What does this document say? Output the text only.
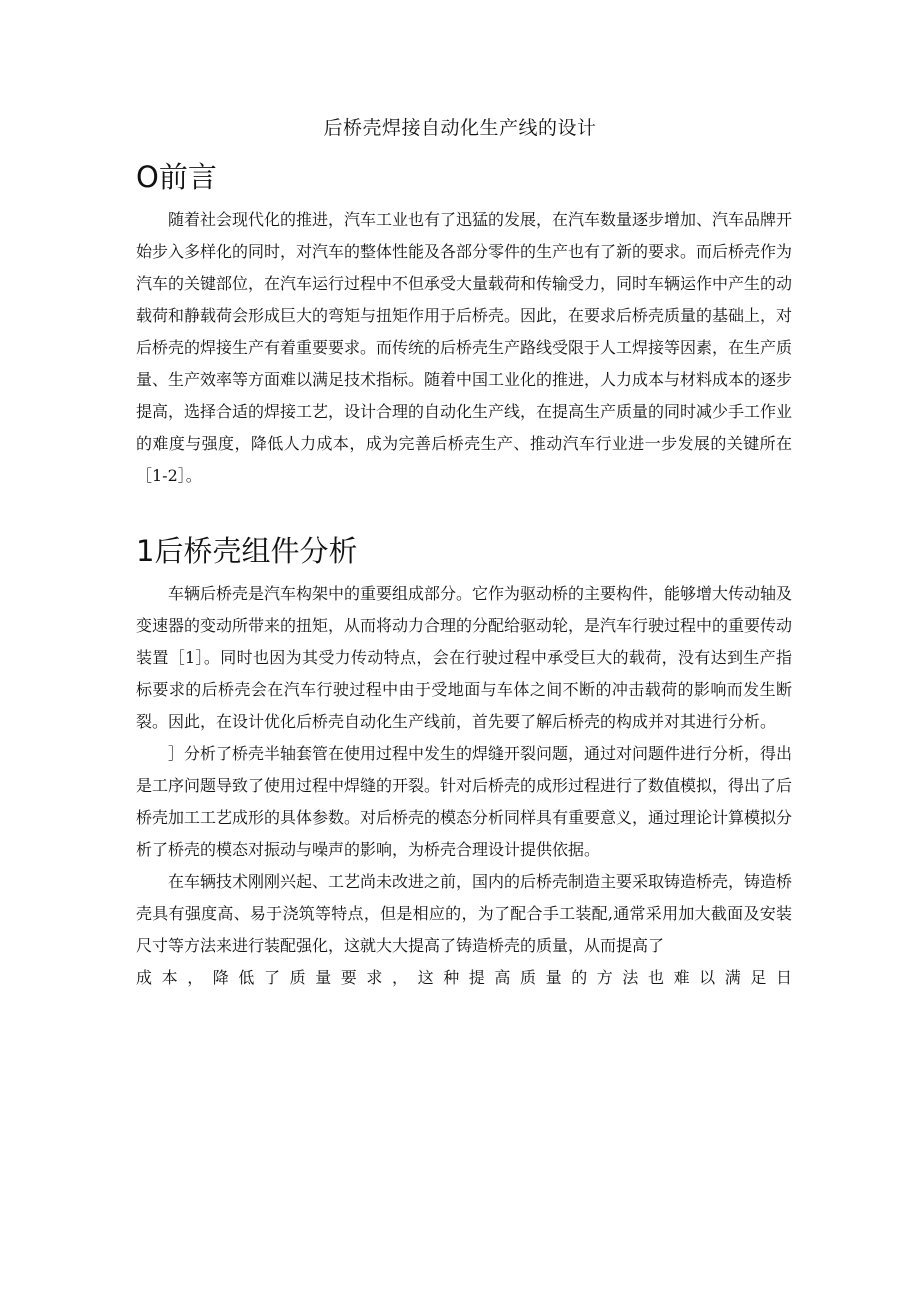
后桥壳焊接自动化生产线的设计
O前言

随着社会现代化的推进，汽车工业也有了迅猛的发展，在汽车数量逐步增加、汽车品牌开始步入多样化的同时，对汽车的整体性能及各部分零件的生产也有了新的要求。而后桥壳作为汽车的关键部位，在汽车运行过程中不但承受大量载荷和传输受力，同时车辆运作中产生的动载荷和静载荷会形成巨大的弯矩与扭矩作用于后桥壳。因此，在要求后桥壳质量的基础上，对后桥壳的焊接生产有着重要要求。而传统的后桥壳生产路线受限于人工焊接等因素，在生产质量、生产效率等方面难以满足技术指标。随着中国工业化的推进，人力成本与材料成本的逐步提高，选择合适的焊接工艺，设计合理的自动化生产线，在提高生产质量的同时减少手工作业的难度与强度，降低人力成本，成为完善后桥壳生产、推动汽车行业进一步发展的关键所在［1-2］。

1后桥壳组件分析

车辆后桥壳是汽车构架中的重要组成部分。它作为驱动桥的主要构件，能够增大传动轴及变速器的变动所带来的扭矩，从而将动力合理的分配给驱动轮，是汽车行驶过程中的重要传动装置［1］。同时也因为其受力传动特点，会在行驶过程中承受巨大的载荷，没有达到生产指标要求的后桥壳会在汽车行驶过程中由于受地面与车体之间不断的冲击载荷的影响而发生断裂。因此，在设计优化后桥壳自动化生产线前，首先要了解后桥壳的构成并对其进行分析。

］分析了桥壳半轴套管在使用过程中发生的焊缝开裂问题，通过对问题件进行分析，得出是工序问题导致了使用过程中焊缝的开裂。针对后桥壳的成形过程进行了数值模拟，得出了后桥壳加工工艺成形的具体参数。对后桥壳的模态分析同样具有重要意义，通过理论计算模拟分析了桥壳的模态对振动与噪声的影响，为桥壳合理设计提供依据。

在车辆技术刚刚兴起、工艺尚未改进之前，国内的后桥壳制造主要采取铸造桥壳，铸造桥壳具有强度高、易于浇筑等特点，但是相应的，为了配合手工装配,通常采用加大截面及安装尺寸等方法来进行装配强化，这就大大提高了铸造桥壳的质量，从而提高了

成本，降低了质量要求，这种提高质量的方法也难以满足日
